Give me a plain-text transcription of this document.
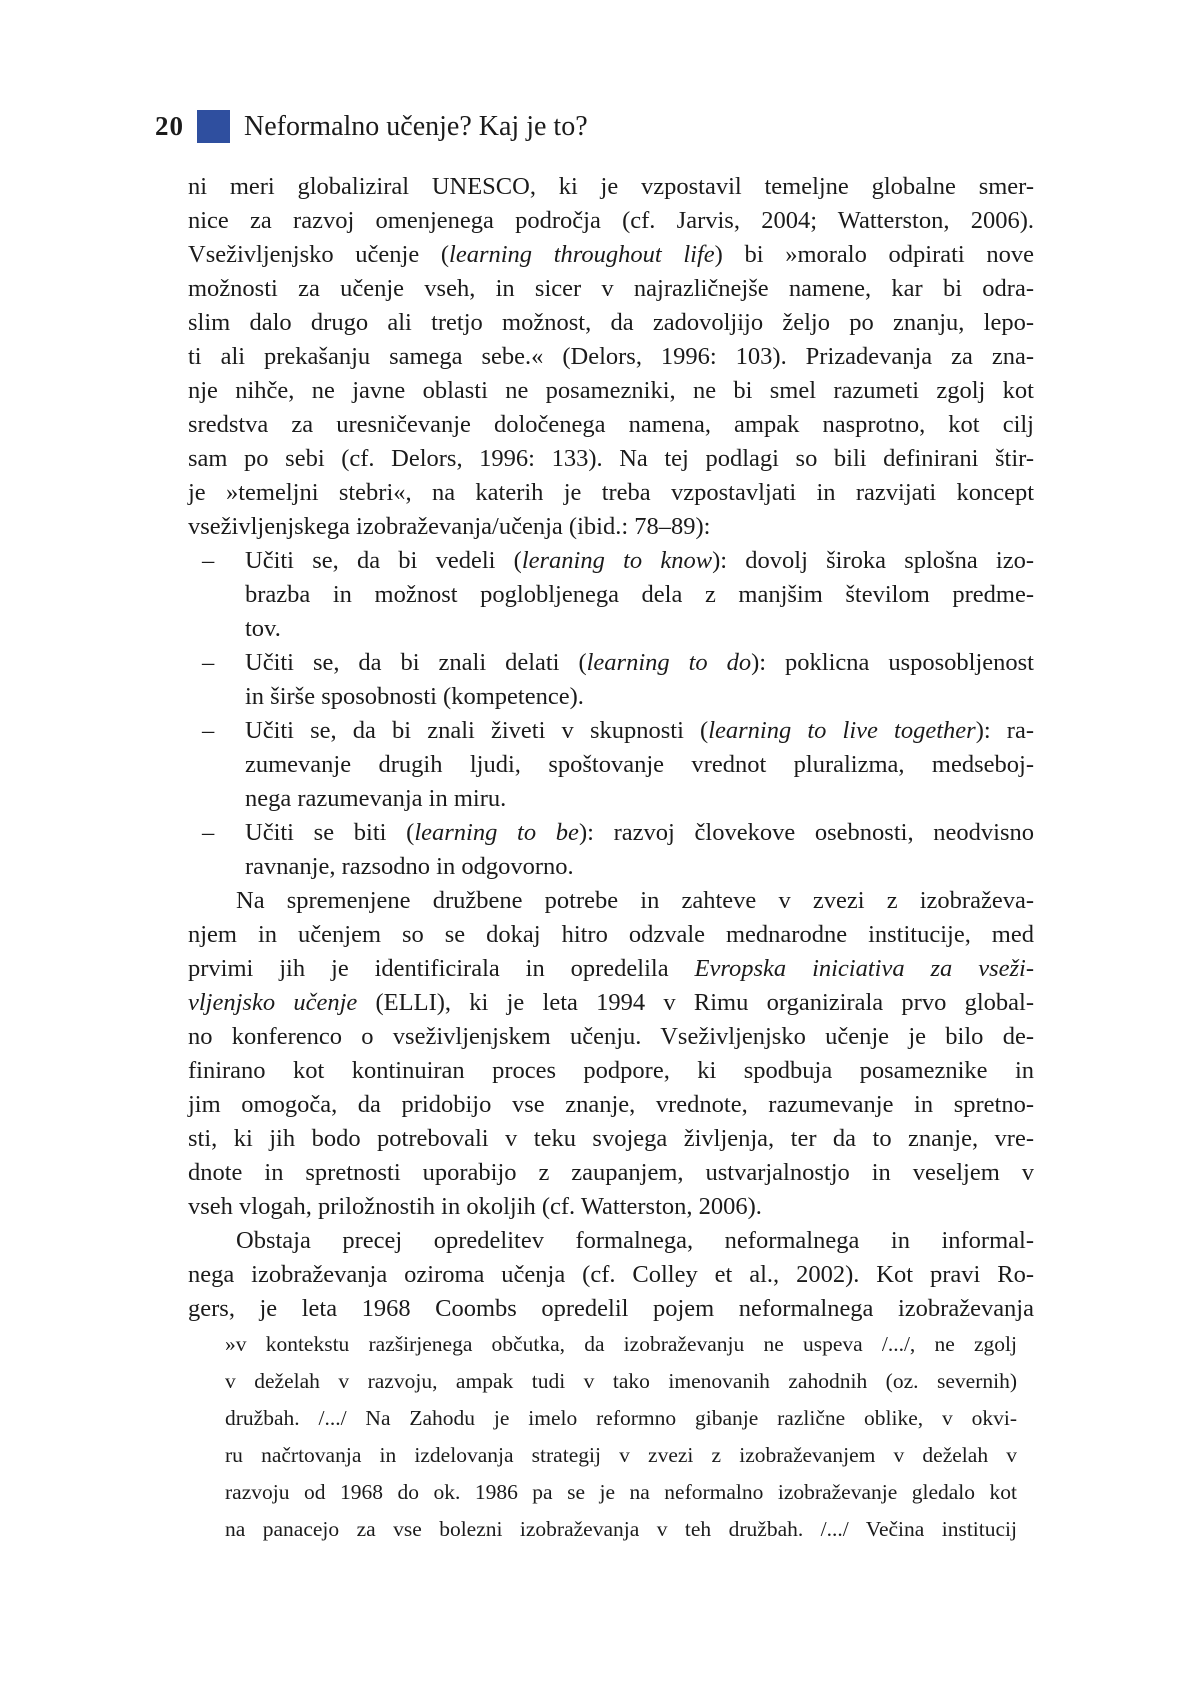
20 Neformalno učenje? Kaj je to?
ni meri globaliziral UNESCO, ki je vzpostavil temeljne globalne smer-
nice za razvoj omenjenega področja (cf. Jarvis, 2004; Watterston, 2006).
Vseživljenjsko učenje (learning throughout life) bi »moralo odpirati nove
možnosti za učenje vseh, in sicer v najrazličnejše namene, kar bi odra-
slim dalo drugo ali tretjo možnost, da zadovoljijo željo po znanju, lepo-
ti ali prekašanju samega sebe.« (Delors, 1996: 103). Prizadevanja za zna-
nje nihče, ne javne oblasti ne posamezniki, ne bi smel razumeti zgolj kot
sredstva za uresničevanje določenega namena, ampak nasprotno, kot cilj
sam po sebi (cf. Delors, 1996: 133). Na tej podlagi so bili definirani štir-
je »temeljni stebri«, na katerih je treba vzpostavljati in razvijati koncept
vseživljenjskega izobraževanja/učenja (ibid.: 78–89):
– Učiti se, da bi vedeli (leraning to know): dovolj široka splošna izo-
brazba in možnost poglobljenega dela z manjšim številom predme-
tov.
– Učiti se, da bi znali delati (learning to do): poklicna usposobljenost
in širše sposobnosti (kompetence).
– Učiti se, da bi znali živeti v skupnosti (learning to live together): ra-
zumevanje drugih ljudi, spoštovanje vrednot pluralizma, medseboj-
nega razumevanja in miru.
– Učiti se biti (learning to be): razvoj človekove osebnosti, neodvisno
ravnanje, razsodno in odgovorno.
Na spremenjene družbene potrebe in zahteve v zvezi z izobraževa-
njem in učenjem so se dokaj hitro odzvale mednarodne institucije, med
prvimi jih je identificirala in opredelila Evropska iniciativa za vseži-
vljenjsko učenje (ELLI), ki je leta 1994 v Rimu organizirala prvo global-
no konferenco o vseživljenjskem učenju. Vseživljenjsko učenje je bilo de-
finirano kot kontinuiran proces podpore, ki spodbuja posameznike in
jim omogoča, da pridobijo vse znanje, vrednote, razumevanje in spretno-
sti, ki jih bodo potrebovali v teku svojega življenja, ter da to znanje, vre-
dnote in spretnosti uporabijo z zaupanjem, ustvarjalnostjo in veseljem v
vseh vlogah, priložnostih in okoljih (cf. Watterston, 2006).
Obstaja precej opredelitev formalnega, neformalnega in informal-
nega izobraževanja oziroma učenja (cf. Colley et al., 2002). Kot pravi Ro-
gers, je leta 1968 Coombs opredelil pojem neformalnega izobraževanja
»v kontekstu razširjenega občutka, da izobraževanju ne uspeva /.../, ne zgolj
v deželah v razvoju, ampak tudi v tako imenovanih zahodnih (oz. severnih)
družbah. /.../ Na Zahodu je imelo reformno gibanje različne oblike, v okvi-
ru načrtovanja in izdelovanja strategij v zvezi z izobraževanjem v deželah v
razvoju od 1968 do ok. 1986 pa se je na neformalno izobraževanje gledalo kot
na panacejo za vse bolezni izobraževanja v teh družbah. /.../ Večina institucij
